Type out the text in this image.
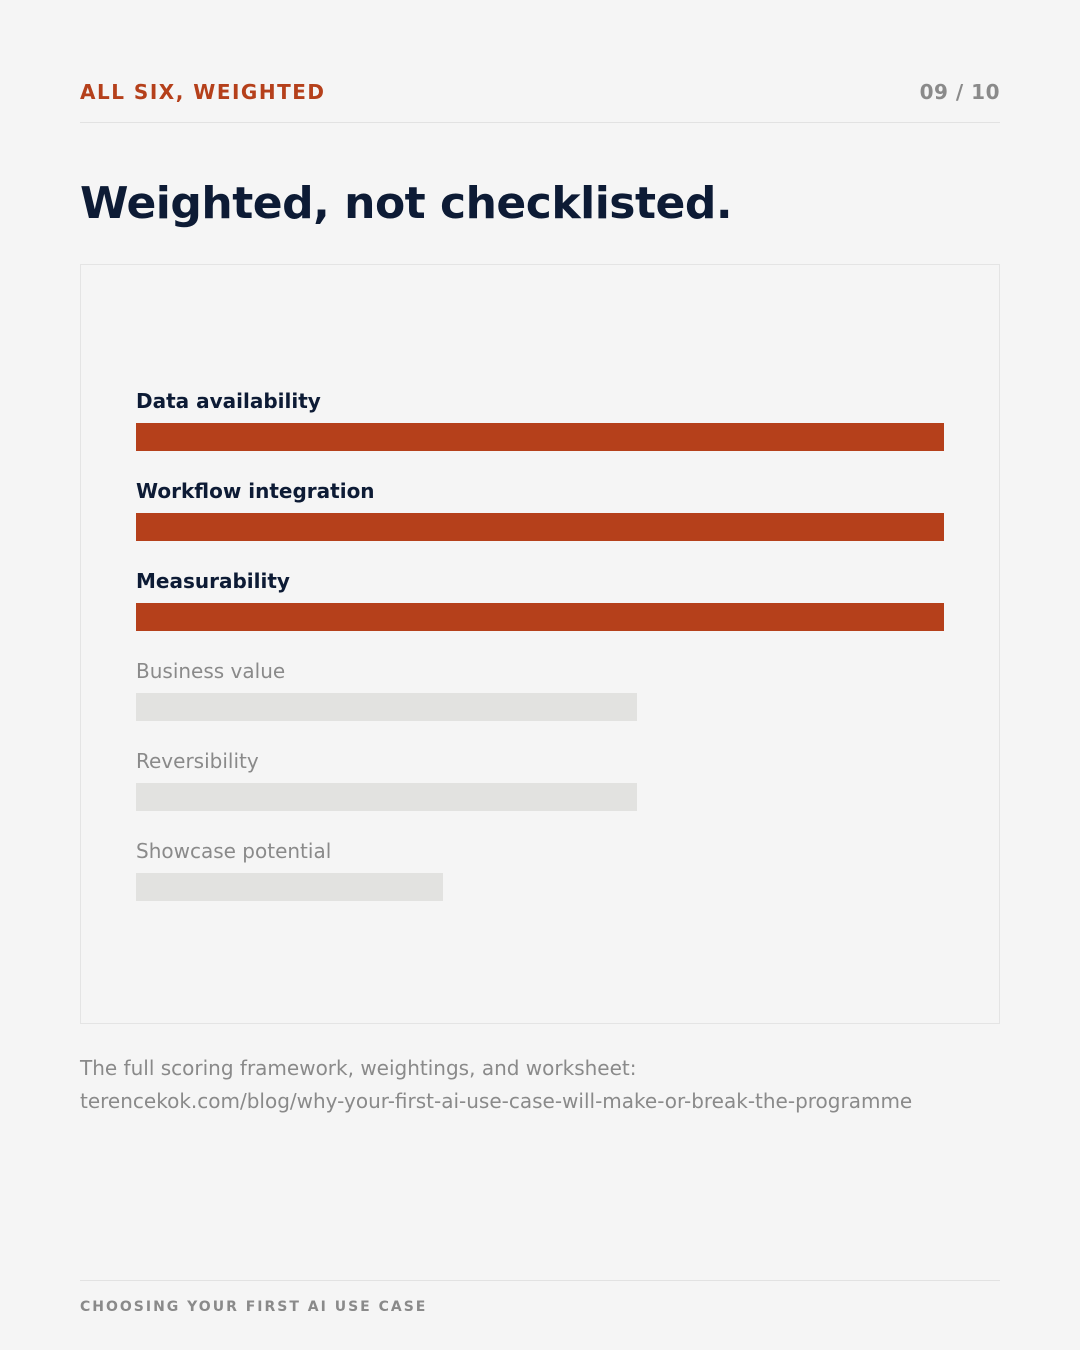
ALL SIX, WEIGHTED	09 / 10
Weighted, not checklisted.
Data availability
Workflow integration
Measurability
Business value
Reversibility
Showcase potential
The full scoring framework, weightings, and worksheet:
terencekok.com/blog/why-your-first-ai-use-case-will-make-or-break-the-programme
CHOOSING YOUR FIRST AI USE CASE
